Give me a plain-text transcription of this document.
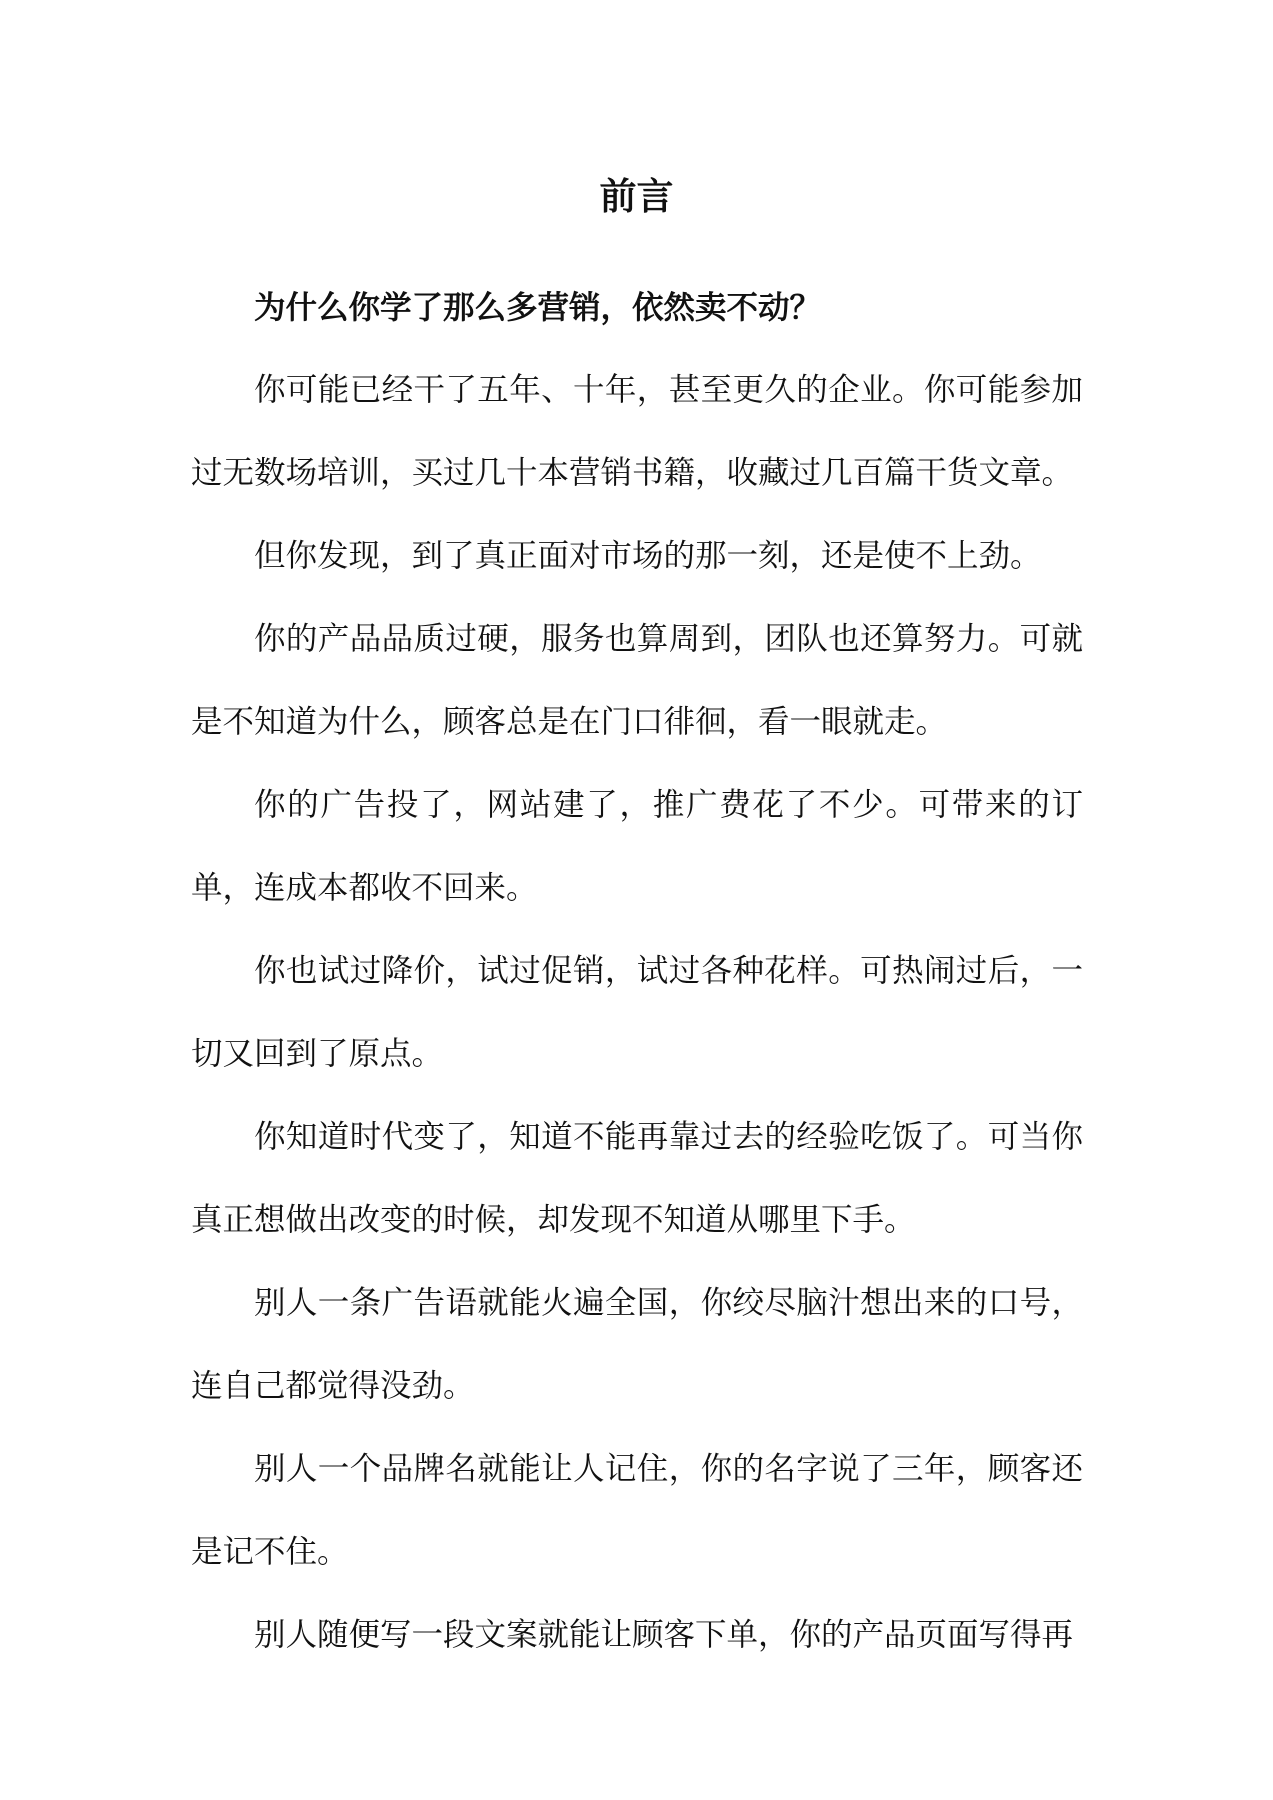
前言

为什么你学了那么多营销，依然卖不动？

你可能已经干了五年、十年，甚至更久的企业。你可能参加过无数场培训，买过几十本营销书籍，收藏过几百篇干货文章。

但你发现，到了真正面对市场的那一刻，还是使不上劲。

你的产品品质过硬，服务也算周到，团队也还算努力。可就是不知道为什么，顾客总是在门口徘徊，看一眼就走。

你的广告投了，网站建了，推广费花了不少。可带来的订单，连成本都收不回来。

你也试过降价，试过促销，试过各种花样。可热闹过后，一切又回到了原点。

你知道时代变了，知道不能再靠过去的经验吃饭了。可当你真正想做出改变的时候，却发现不知道从哪里下手。

别人一条广告语就能火遍全国，你绞尽脑汁想出来的口号，连自己都觉得没劲。

别人一个品牌名就能让人记住，你的名字说了三年，顾客还是记不住。

别人随便写一段文案就能让顾客下单，你的产品页面写得再
